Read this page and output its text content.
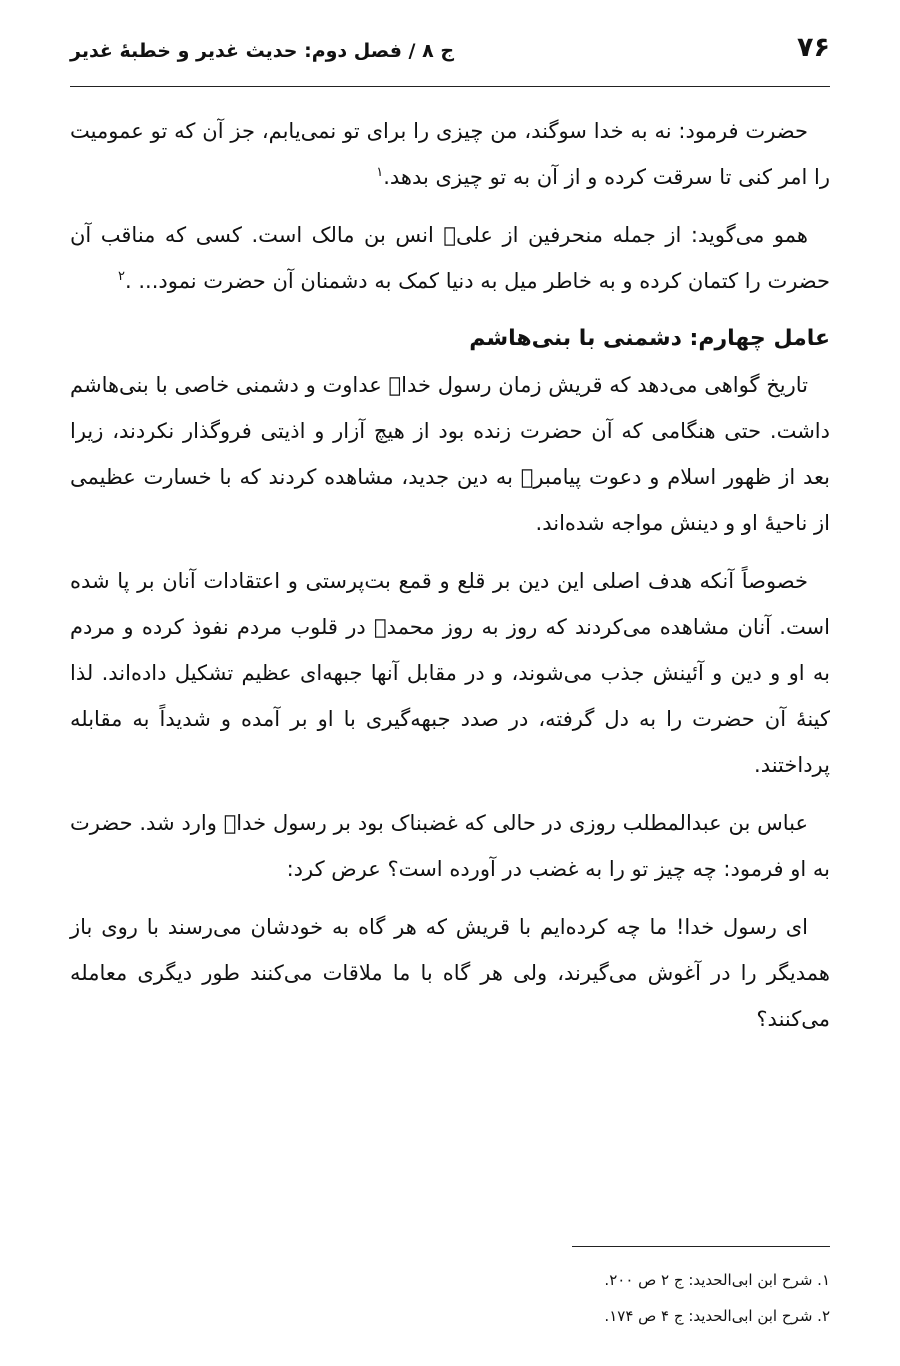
۷۶
ج ۸ / فصل دوم: حدیث غدیر و خطبهٔ غدیر

حضرت فرمود: نه به خدا سوگند، من چیزی را برای تو نمی‌یابم، جز آن که تو عمومیت را امر کنی تا سرقت کرده و از آن به تو چیزی بدهد.$^۱$

همو می‌گوید: از جمله منحرفین از علی﷣ انس بن مالک است. کسی که مناقب آن حضرت را کتمان کرده و به خاطر میل به دنیا کمک به دشمنان آن حضرت نمود... .$^۲$

عامل چهارم: دشمنی با بنی‌هاشم

تاریخ گواهی می‌دهد که قریش زمان رسول خدا﷑ عداوت و دشمنی خاصی با بنی‌هاشم داشت. حتی هنگامی که آن حضرت زنده بود از هیچ آزار و اذیتی فروگذار نکردند، زیرا بعد از ظهور اسلام و دعوت پیامبر﷑ به دین جدید، مشاهده کردند که با خسارت عظیمی از ناحیهٔ او و دینش مواجه شده‌اند.

خصوصاً آنکه هدف اصلی این دین بر قلع و قمع بت‌پرستی و اعتقادات آنان بر پا شده است. آنان مشاهده می‌کردند که روز به روز محمد﷑ در قلوب مردم نفوذ کرده و مردم به او و دین و آئینش جذب می‌شوند، و در مقابل آنها جبهه‌ای عظیم تشکیل داده‌اند. لذا کینهٔ آن حضرت را به دل گرفته، در صدد جبهه‌گیری با او بر آمده و شدیداً به مقابله پرداختند.

عباس بن عبدالمطلب روزی در حالی که غضبناک بود بر رسول خدا﷑ وارد شد. حضرت به او فرمود: چه چیز تو را به غضب در آورده است؟ عرض کرد:

ای رسول خدا! ما چه کرده‌ایم با قریش که هر گاه به خودشان می‌رسند با روی باز همدیگر را در آغوش می‌گیرند، ولی هر گاه با ما ملاقات می‌کنند طور دیگری معامله می‌کنند؟

۱. شرح ابن ابی‌الحدید: ج ۲ ص ۲۰۰.

۲. شرح ابن ابی‌الحدید: ج ۴ ص ۱۷۴.
